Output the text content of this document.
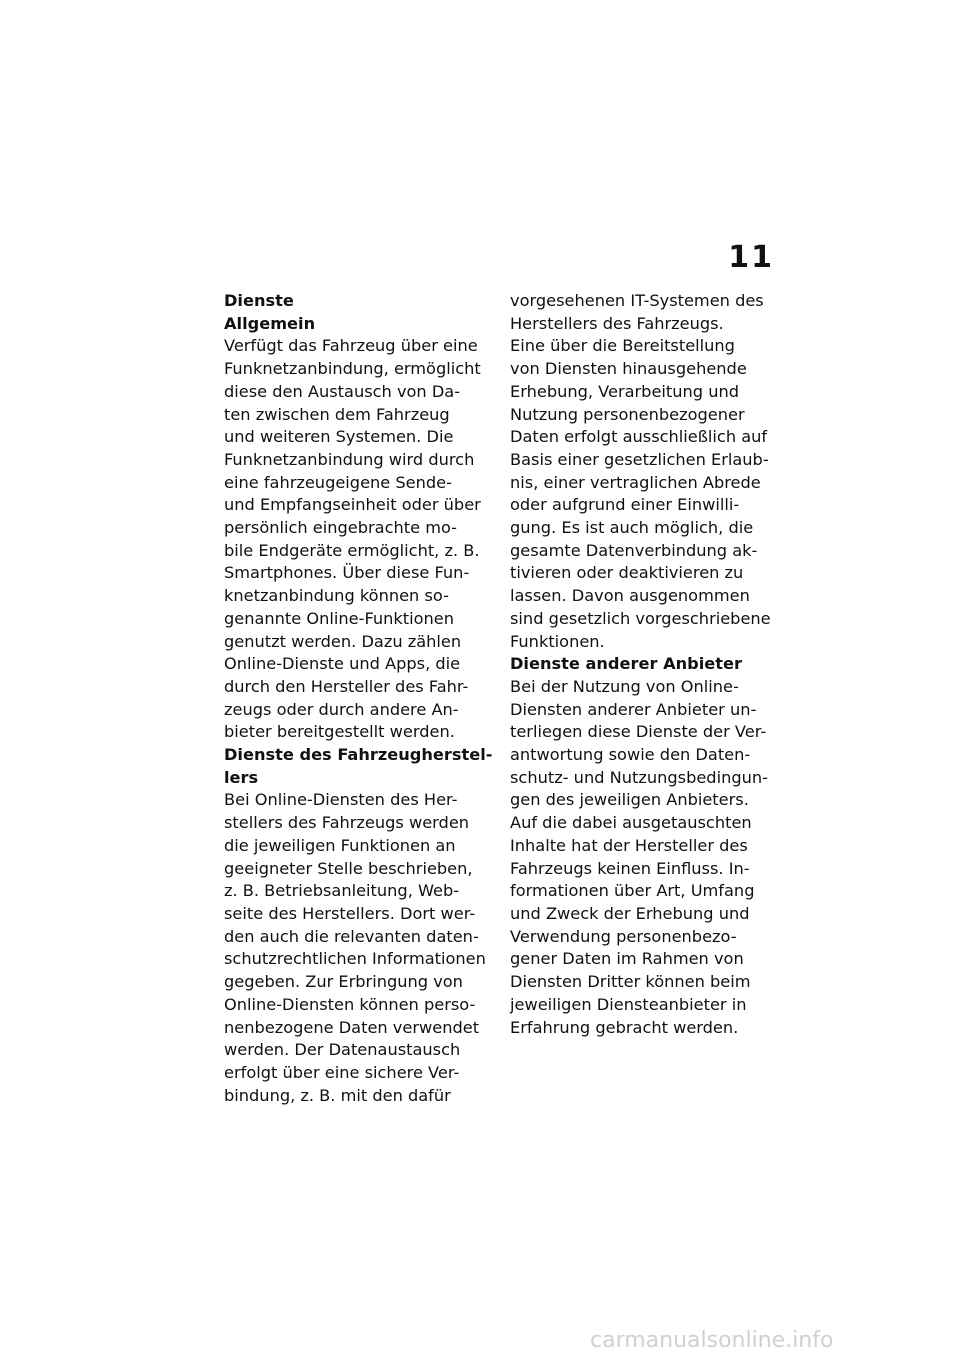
11
Dienste
Allgemein
Verfügt das Fahrzeug über eine
Funknetzanbindung, ermöglicht
diese den Austausch von Da-
ten zwischen dem Fahrzeug
und weiteren Systemen. Die
Funknetzanbindung wird durch
eine fahrzeugeigene Sende-
und Empfangseinheit oder über
persönlich eingebrachte mo-
bile Endgeräte ermöglicht, z. B.
Smartphones. Über diese Fun-
knetzanbindung können so-
genannte Online-Funktionen
genutzt werden. Dazu zählen
Online-Dienste und Apps, die
durch den Hersteller des Fahr-
zeugs oder durch andere An-
bieter bereitgestellt werden.
Dienste des Fahrzeugherstel-
lers
Bei Online-Diensten des Her-
stellers des Fahrzeugs werden
die jeweiligen Funktionen an
geeigneter Stelle beschrieben,
z. B. Betriebsanleitung, Web-
seite des Herstellers. Dort wer-
den auch die relevanten daten-
schutzrechtlichen Informationen
gegeben. Zur Erbringung von
Online-Diensten können perso-
nenbezogene Daten verwendet
werden. Der Datenaustausch
erfolgt über eine sichere Ver-
bindung, z. B. mit den dafür
vorgesehenen IT-Systemen des
Herstellers des Fahrzeugs.
Eine über die Bereitstellung
von Diensten hinausgehende
Erhebung, Verarbeitung und
Nutzung personenbezogener
Daten erfolgt ausschließlich auf
Basis einer gesetzlichen Erlaub-
nis, einer vertraglichen Abrede
oder aufgrund einer Einwilli-
gung. Es ist auch möglich, die
gesamte Datenverbindung ak-
tivieren oder deaktivieren zu
lassen. Davon ausgenommen
sind gesetzlich vorgeschriebene
Funktionen.
Dienste anderer Anbieter
Bei der Nutzung von Online-
Diensten anderer Anbieter un-
terliegen diese Dienste der Ver-
antwortung sowie den Daten-
schutz- und Nutzungsbedingun-
gen des jeweiligen Anbieters.
Auf die dabei ausgetauschten
Inhalte hat der Hersteller des
Fahrzeugs keinen Einfluss. In-
formationen über Art, Umfang
und Zweck der Erhebung und
Verwendung personenbezo-
gener Daten im Rahmen von
Diensten Dritter können beim
jeweiligen Diensteanbieter in
Erfahrung gebracht werden.
carmanualsonline.info
